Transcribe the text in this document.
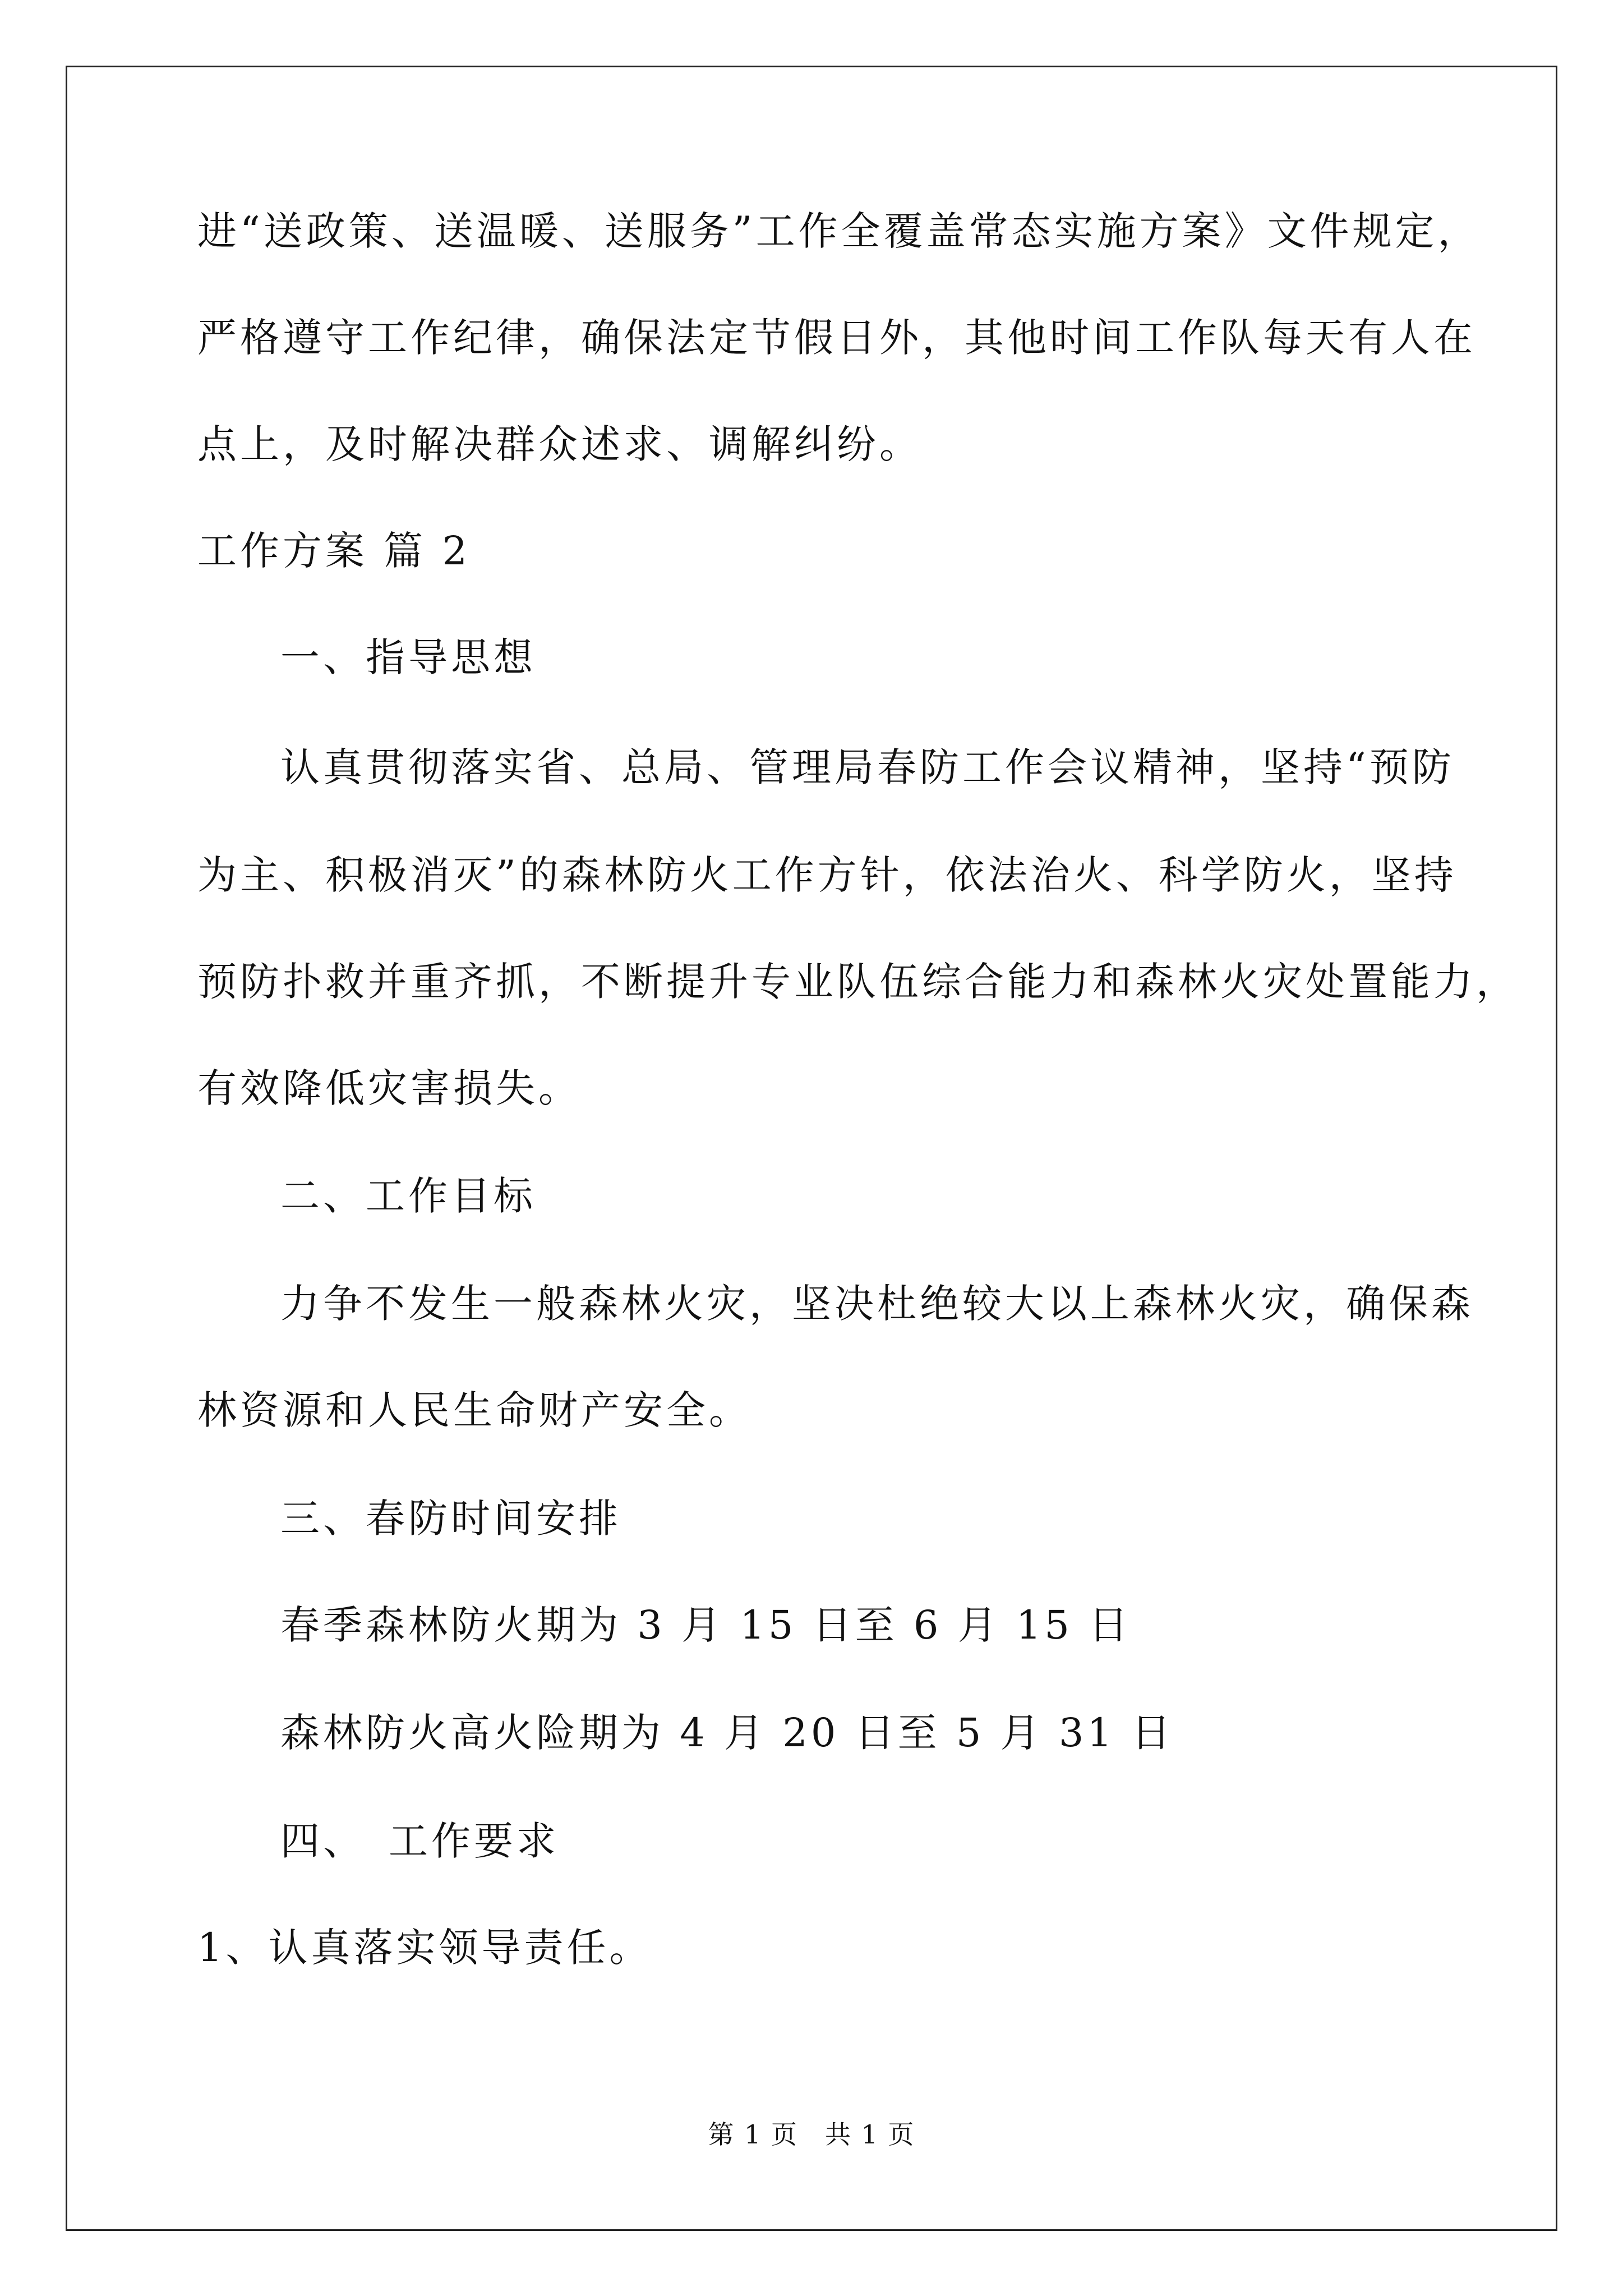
进“送政策、送温暖、送服务”工作全覆盖常态实施方案》文件规定，
严格遵守工作纪律，确保法定节假日外，其他时间工作队每天有人在
点上，及时解决群众述求、调解纠纷。
工作方案 篇 2
一、指导思想
认真贯彻落实省、总局、管理局春防工作会议精神，坚持“预防
为主、积极消灭”的森林防火工作方针，依法治火、科学防火，坚持
预防扑救并重齐抓，不断提升专业队伍综合能力和森林火灾处置能力，
有效降低灾害损失。
二、工作目标
力争不发生一般森林火灾，坚决杜绝较大以上森林火灾，确保森
林资源和人民生命财产安全。
三、春防时间安排
春季森林防火期为 3 月 15 日至 6 月 15 日
森林防火高火险期为 4 月 20 日至 5 月 31 日
四、　工作要求
1、认真落实领导责任。
第 1 页　共 1 页
